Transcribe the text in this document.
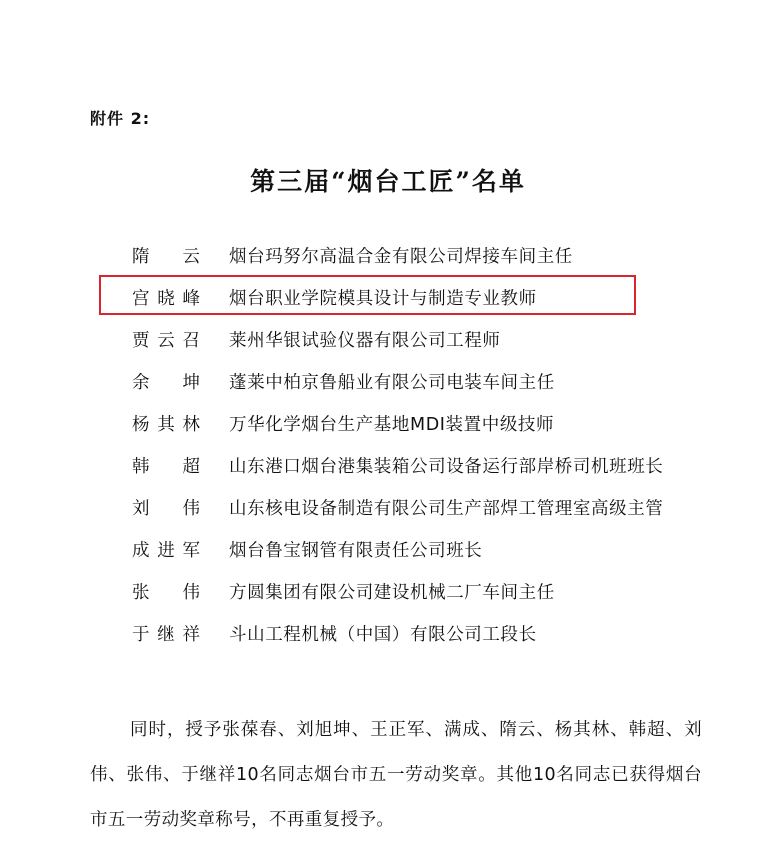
附件 2:
第三届“烟台工匠”名单
隋 云 烟台玛努尔高温合金有限公司焊接车间主任
宫 晓 峰 烟台职业学院模具设计与制造专业教师
贾 云 召 莱州华银试验仪器有限公司工程师
余 坤 蓬莱中柏京鲁船业有限公司电装车间主任
杨 其 林 万华化学烟台生产基地MDI装置中级技师
韩 超 山东港口烟台港集装箱公司设备运行部岸桥司机班班长
刘 伟 山东核电设备制造有限公司生产部焊工管理室高级主管
成 进 军 烟台鲁宝钢管有限责任公司班长
张 伟 方圆集团有限公司建设机械二厂车间主任
于 继 祥 斗山工程机械（中国）有限公司工段长

同时，授予张葆春、刘旭坤、王正军、满成、隋云、杨其林、韩超、刘伟、张伟、于继祥10名同志烟台市五一劳动奖章。其他10名同志已获得烟台市五一劳动奖章称号，不再重复授予。
